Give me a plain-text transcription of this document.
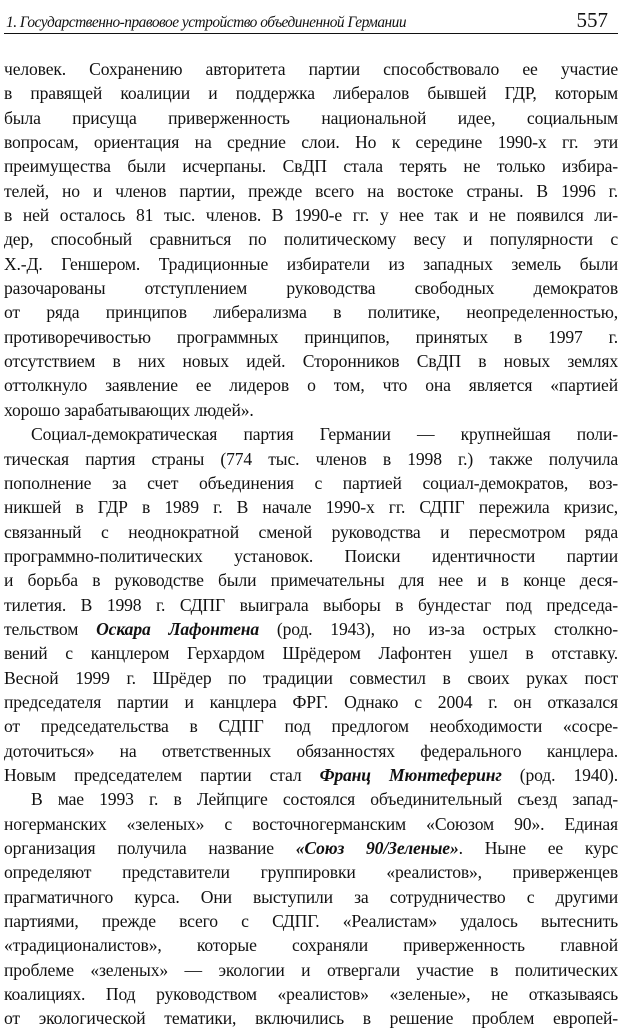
1. Государственно-правовое устройство объединенной Германии	557
человек. Сохранению авторитета партии способствовало ее участие
в правящей коалиции и поддержка либералов бывшей ГДР, которым
была присуща приверженность национальной идее, социальным
вопросам, ориентация на средние слои. Но к середине 1990-х гг. эти
преимущества были исчерпаны. СвДП стала терять не только избира-
телей, но и членов партии, прежде всего на востоке страны. В 1996 г.
в ней осталось 81 тыс. членов. В 1990-е гг. у нее так и не появился ли-
дер, способный сравниться по политическому весу и популярности с
Х.-Д. Геншером. Традиционные избиратели из западных земель были
разочарованы отступлением руководства свободных демократов
от ряда принципов либерализма в политике, неопределенностью,
противоречивостью программных принципов, принятых в 1997 г.
отсутствием в них новых идей. Сторонников СвДП в новых землях
оттолкнуло заявление ее лидеров о том, что она является «партией
хорошо зарабатывающих людей».
Социал-демократическая партия Германии — крупнейшая поли-
тическая партия страны (774 тыс. членов в 1998 г.) также получила
пополнение за счет объединения с партией социал-демократов, воз-
никшей в ГДР в 1989 г. В начале 1990-х гг. СДПГ пережила кризис,
связанный с неоднократной сменой руководства и пересмотром ряда
программно-политических установок. Поиски идентичности партии
и борьба в руководстве были примечательны для нее и в конце деся-
тилетия. В 1998 г. СДПГ выиграла выборы в бундестаг под председа-
тельством Оскара Лафонтена (род. 1943), но из-за острых столкно-
вений с канцлером Герхардом Шрёдером Лафонтен ушел в отставку.
Весной 1999 г. Шрёдер по традиции совместил в своих руках пост
председателя партии и канцлера ФРГ. Однако с 2004 г. он отказался
от председательства в СДПГ под предлогом необходимости «сосре-
доточиться» на ответственных обязанностях федерального канцлера.
Новым председателем партии стал Франц Мюнтеферинг (род. 1940).
В мае 1993 г. в Лейпциге состоялся объединительный съезд запад-
ногерманских «зеленых» с восточногерманским «Союзом 90». Единая
организация получила название «Союз 90/Зеленые». Ныне ее курс
определяют представители группировки «реалистов», приверженцев
прагматичного курса. Они выступили за сотрудничество с другими
партиями, прежде всего с СДПГ. «Реалистам» удалось вытеснить
«традиционалистов», которые сохраняли приверженность главной
проблеме «зеленых» — экологии и отвергали участие в политических
коалициях. Под руководством «реалистов» «зеленые», не отказываясь
от экологической тематики, включились в решение проблем европей-
